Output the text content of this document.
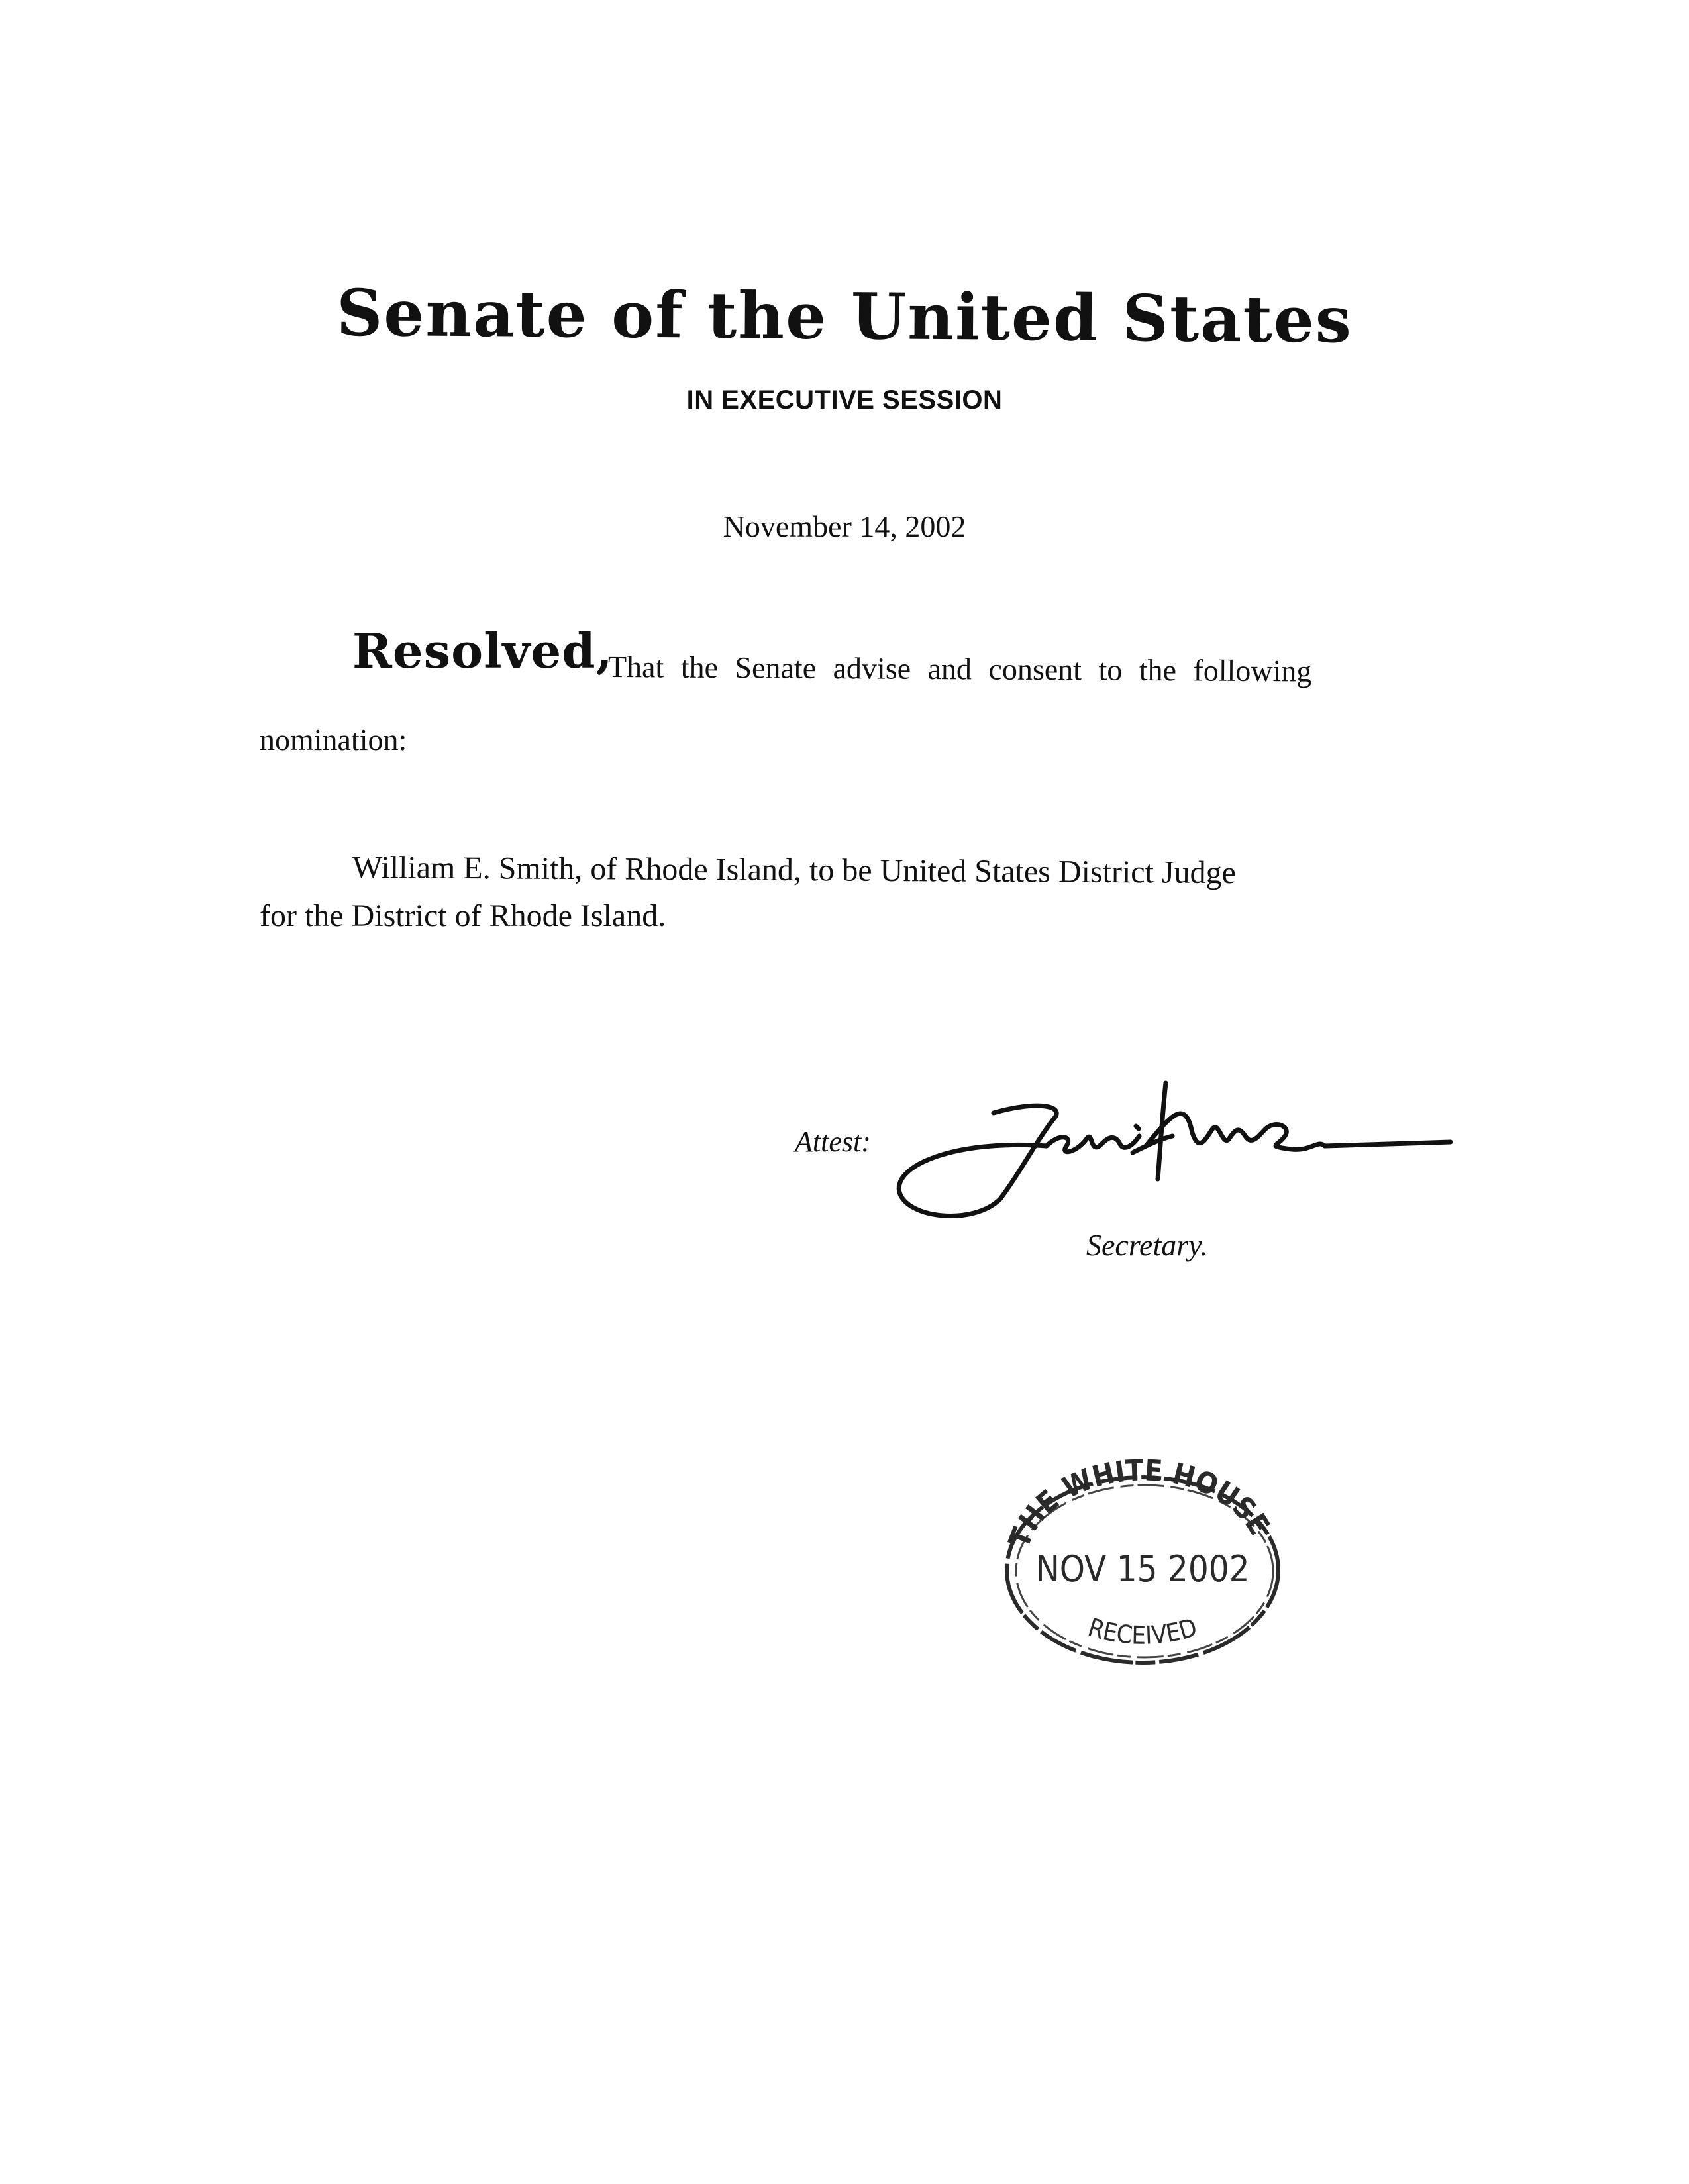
Senate of the United States
IN EXECUTIVE SESSION
November 14, 2002
Resolved,
That the Senate advise and consent to the following
nomination:
William E. Smith, of Rhode Island, to be United States District Judge
for the District of Rhode Island.
Attest:
Secretary.
THE WHITE HOUSE
NOV 15 2002
RECEIVED
